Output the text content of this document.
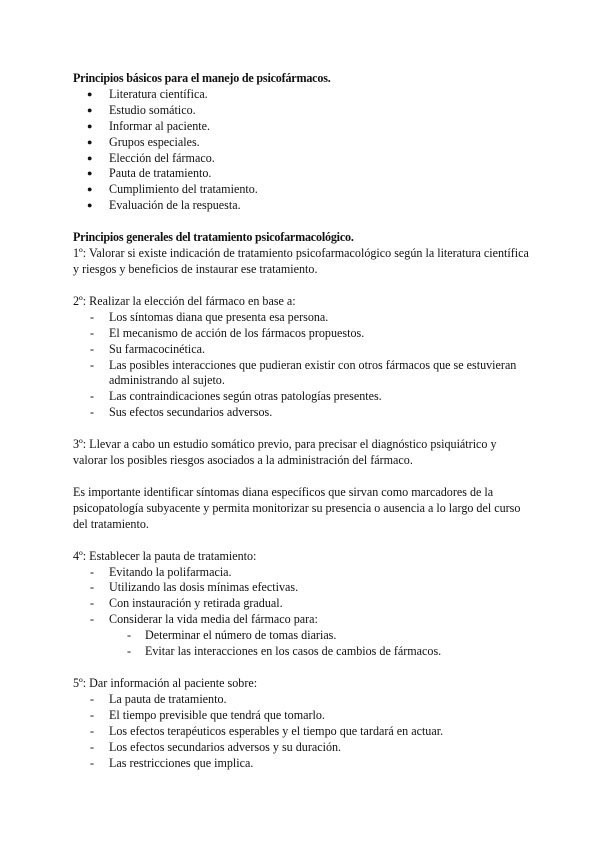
Principios básicos para el manejo de psicofármacos.
● Literatura científica.
● Estudio somático.
● Informar al paciente.
● Grupos especiales.
● Elección del fármaco.
● Pauta de tratamiento.
● Cumplimiento del tratamiento.
● Evaluación de la respuesta.
Principios generales del tratamiento psicofarmacológico.

1º: Valorar si existe indicación de tratamiento psicofarmacológico según la literatura científica y riesgos y beneficios de instaurar ese tratamiento.

2º: Realizar la elección del fármaco en base a:

- Los síntomas diana que presenta esa persona.
- El mecanismo de acción de los fármacos propuestos.
- Su farmacocinética.
- Las posibles interacciones que pudieran existir con otros fármacos que se estuvieran administrando al sujeto.
- Las contraindicaciones según otras patologías presentes.
- Sus efectos secundarios adversos.

3º: Llevar a cabo un estudio somático previo, para precisar el diagnóstico psiquiátrico y valorar los posibles riesgos asociados a la administración del fármaco.

Es importante identificar síntomas diana específicos que sirvan como marcadores de la psicopatología subyacente y permita monitorizar su presencia o ausencia a lo largo del curso del tratamiento.

4º: Establecer la pauta de tratamiento:

- Evitando la polifarmacia.
- Utilizando las dosis mínimas efectivas.
- Con instauración y retirada gradual.
- Considerar la vida media del fármaco para:
- Determinar el número de tomas diarias.
- Evitar las interacciones en los casos de cambios de fármacos.

5º: Dar información al paciente sobre:

- La pauta de tratamiento.
- El tiempo previsible que tendrá que tomarlo.
- Los efectos terapéuticos esperables y el tiempo que tardará en actuar.
- Los efectos secundarios adversos y su duración.
- Las restricciones que implica.
